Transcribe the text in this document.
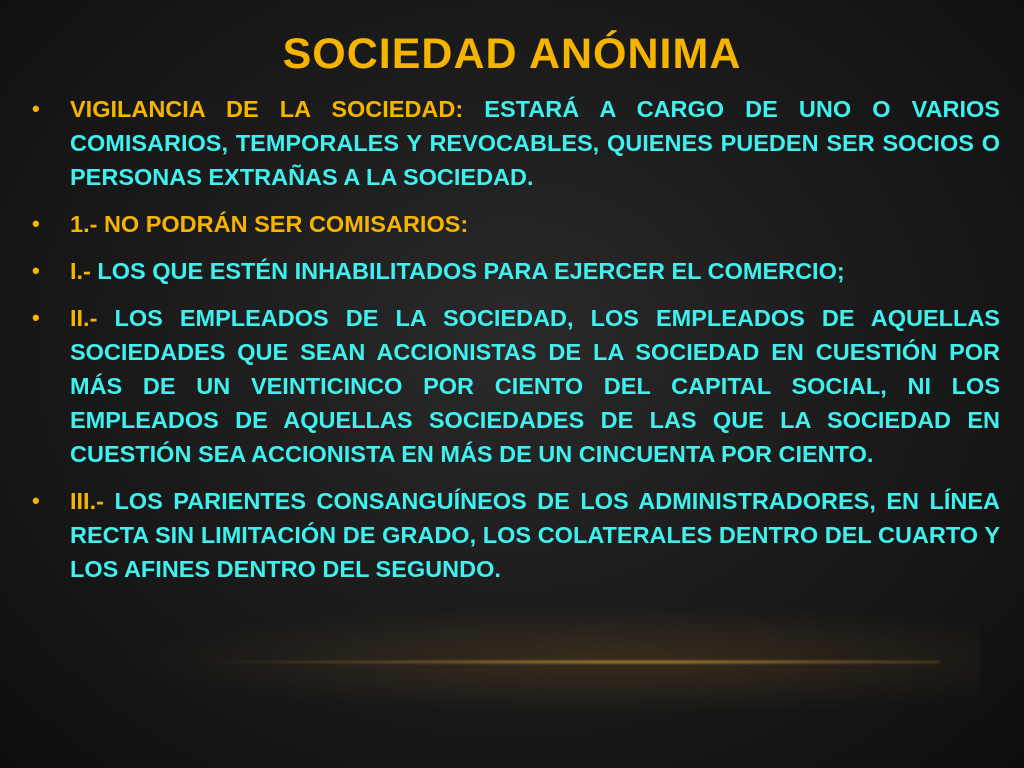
SOCIEDAD ANÓNIMA
• VIGILANCIA DE LA SOCIEDAD: ESTARÁ A CARGO DE UNO O VARIOS COMISARIOS, TEMPORALES Y REVOCABLES, QUIENES PUEDEN SER SOCIOS O PERSONAS EXTRAÑAS A LA SOCIEDAD.
• 1.- NO PODRÁN SER COMISARIOS:
• I.- LOS QUE ESTÉN INHABILITADOS PARA EJERCER EL COMERCIO;
• II.- LOS EMPLEADOS DE LA SOCIEDAD, LOS EMPLEADOS DE AQUELLAS SOCIEDADES QUE SEAN ACCIONISTAS DE LA SOCIEDAD EN CUESTIÓN POR MÁS DE UN VEINTICINCO POR CIENTO DEL CAPITAL SOCIAL, NI LOS EMPLEADOS DE AQUELLAS SOCIEDADES DE LAS QUE LA SOCIEDAD EN CUESTIÓN SEA ACCIONISTA EN MÁS DE UN CINCUENTA POR CIENTO.
• III.- LOS PARIENTES CONSANGUÍNEOS DE LOS ADMINISTRADORES, EN LÍNEA RECTA SIN LIMITACIÓN DE GRADO, LOS COLATERALES DENTRO DEL CUARTO Y LOS AFINES DENTRO DEL SEGUNDO.
